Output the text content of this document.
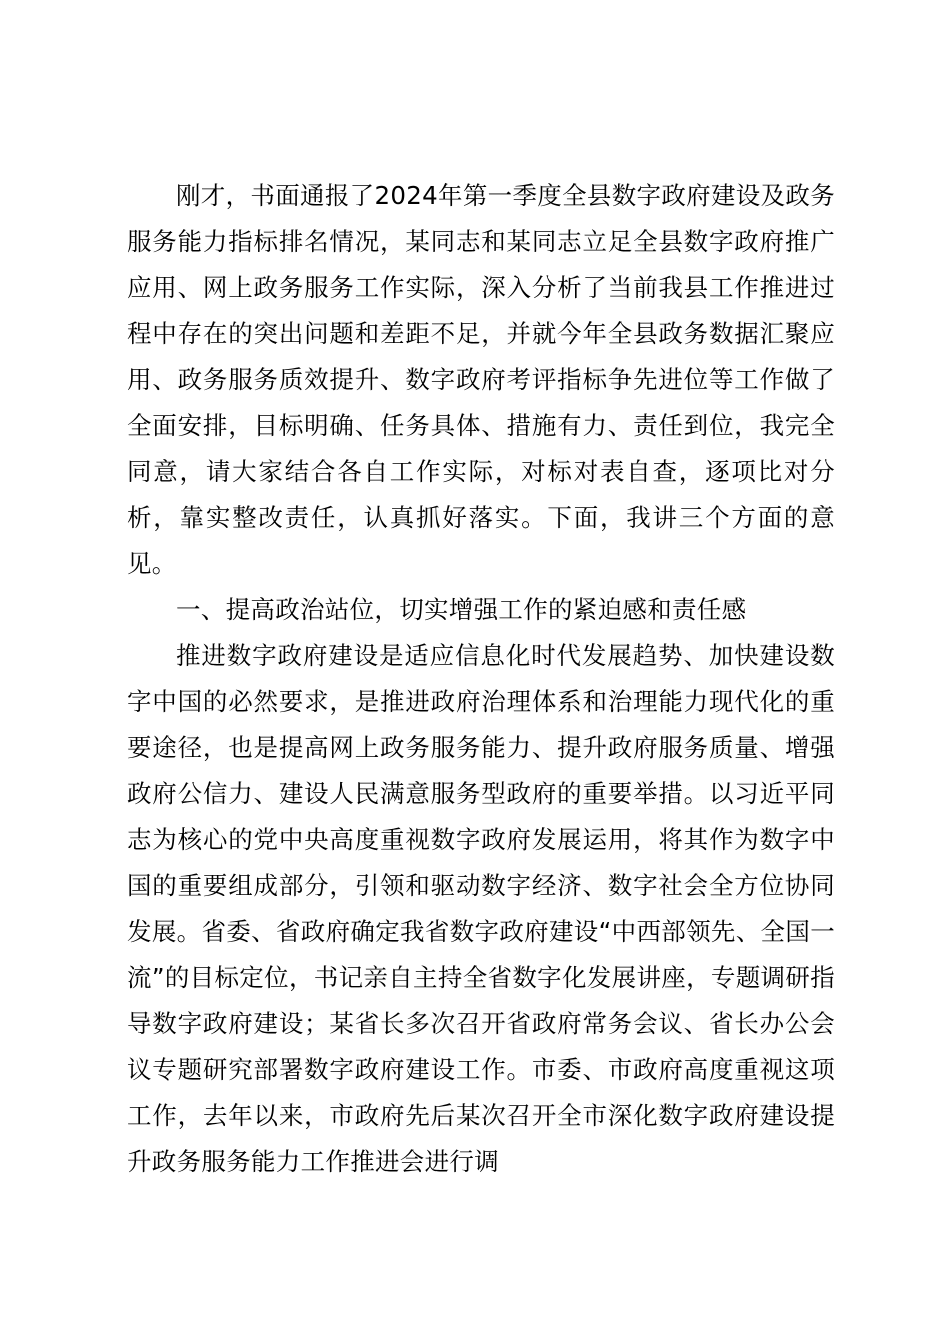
刚才，书面通报了2024年第一季度全县数字政府建设及政务服务能力指标排名情况，某同志和某同志立足全县数字政府推广应用、网上政务服务工作实际，深入分析了当前我县工作推进过程中存在的突出问题和差距不足，并就今年全县政务数据汇聚应用、政务服务质效提升、数字政府考评指标争先进位等工作做了全面安排，目标明确、任务具体、措施有力、责任到位，我完全同意，请大家结合各自工作实际，对标对表自查，逐项比对分析，靠实整改责任，认真抓好落实。下面，我讲三个方面的意见。

一、提高政治站位，切实增强工作的紧迫感和责任感

推进数字政府建设是适应信息化时代发展趋势、加快建设数字中国的必然要求，是推进政府治理体系和治理能力现代化的重要途径，也是提高网上政务服务能力、提升政府服务质量、增强政府公信力、建设人民满意服务型政府的重要举措。以习近平同志为核心的党中央高度重视数字政府发展运用，将其作为数字中国的重要组成部分，引领和驱动数字经济、数字社会全方位协同发展。省委、省政府确定我省数字政府建设“中西部领先、全国一流”的目标定位，书记亲自主持全省数字化发展讲座，专题调研指导数字政府建设；某省长多次召开省政府常务会议、省长办公会议专题研究部署数字政府建设工作。市委、市政府高度重视这项工作，去年以来，市政府先后某次召开全市深化数字政府建设提升政务服务能力工作推进会进行调
